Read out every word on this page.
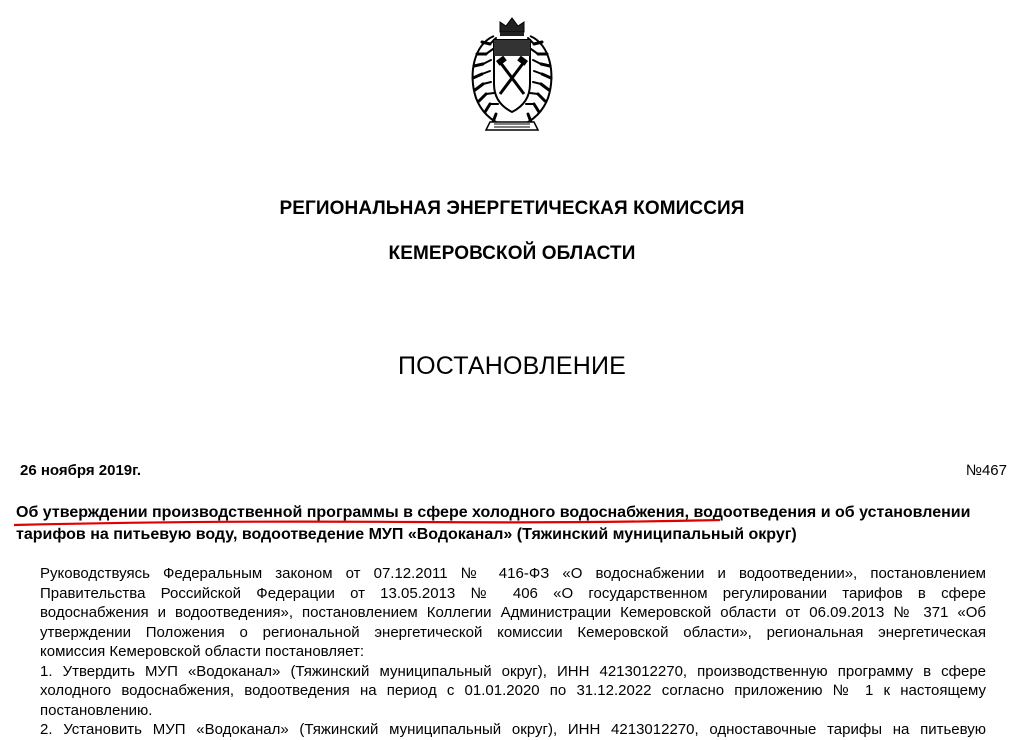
РЕГИОНАЛЬНАЯ ЭНЕРГЕТИЧЕСКАЯ КОМИССИЯ
КЕМЕРОВСКОЙ ОБЛАСТИ
ПОСТАНОВЛЕНИЕ
26 ноября 2019г.	№467
Об утверждении производственной программы в сфере холодного водоснабжения, водоотведения и об установлении
тарифов на питьевую воду, водоотведение МУП «Водоканал» (Тяжинский муниципальный округ)
Руководствуясь Федеральным законом от 07.12.2011 № 416-ФЗ «О водоснабжении и водоотведении», постановлением
Правительства Российской Федерации от 13.05.2013 № 406 «О государственном регулировании тарифов в сфере
водоснабжения и водоотведения», постановлением Коллегии Администрации Кемеровской области от 06.09.2013 № 371 «Об
утверждении Положения о региональной энергетической комиссии Кемеровской области», региональная энергетическая
комиссия Кемеровской области постановляет:
1. Утвердить МУП «Водоканал» (Тяжинский муниципальный округ), ИНН 4213012270, производственную программу в сфере
холодного водоснабжения, водоотведения на период с 01.01.2020 по 31.12.2022 согласно приложению № 1 к настоящему
постановлению.
2. Установить МУП «Водоканал» (Тяжинский муниципальный округ), ИНН 4213012270, одноставочные тарифы на питьевую
